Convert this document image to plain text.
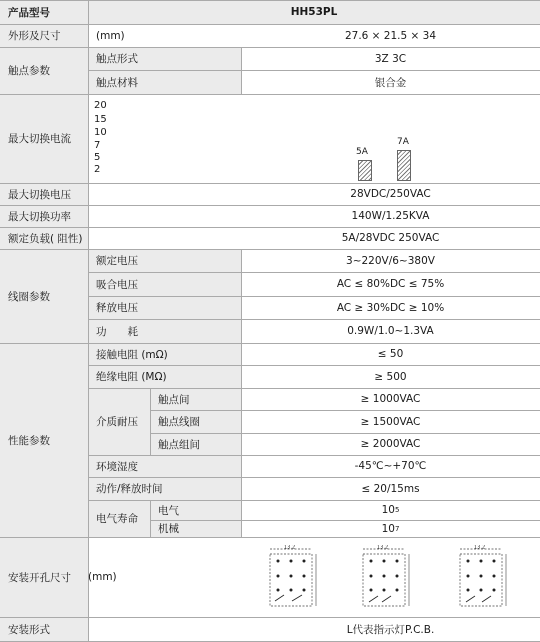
产品型号	HH53PL
外形及尺寸	(mm)	27.6 × 21.5 × 34
触点参数
触点形式	3Z 3C
触点材料	银合金
最大切换电流
20
15
10
7
5
2
5A
7A
最大切换电压	28VDC/250VAC
最大切换功率	140W/1.25KVA
额定负载( 阻性)	5A/28VDC 250VAC
线圈参数
额定电压	3~220V/6~380V
吸合电压	AC ≤ 80%DC ≤ 75%
释放电压	AC ≥ 30%DC ≥ 10%
功　　耗	0.9W/1.0~1.3VA
性能参数
接触电阻 (mΩ)	≤ 50
绝缘电阻 (MΩ)	≥ 500
介质耐压
触点间	≥ 1000VAC
触点线圈	≥ 1500VAC
触点组间	≥ 2000VAC
环境湿度	-45℃~+70℃
动作/释放时间	≤ 20/15ms
电气寿命
电气	10 5
机械	10 7
安装开孔尺寸	(mm)
13.2	13.2	13.2
安装形式	L代表指示灯P.C.B.
